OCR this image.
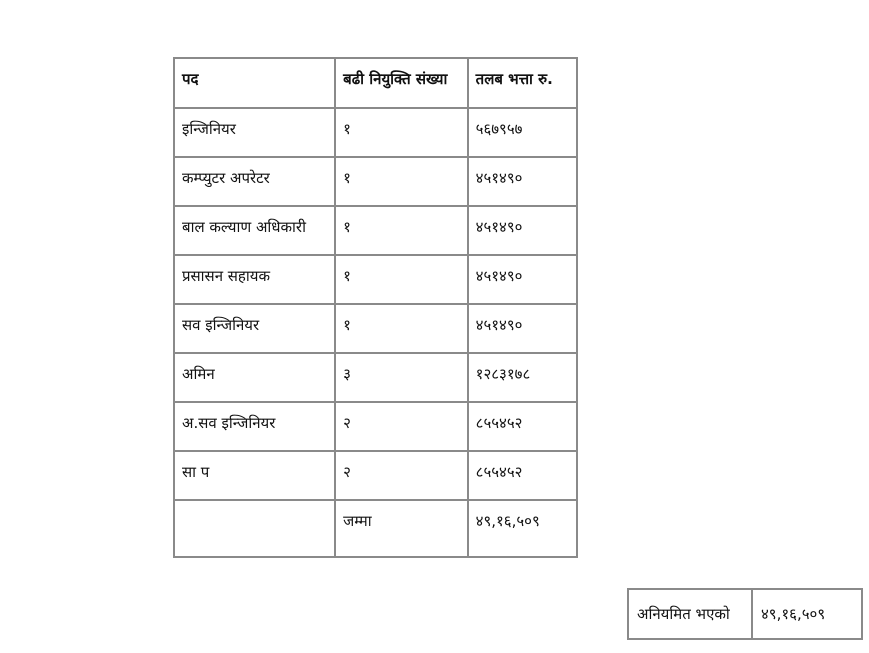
पद	बढी नियुक्ति संख्या	तलब भत्ता रु.
इन्जिनियर	१	५६७९५७
कम्प्युटर अपरेटर	१	४५१४९०
बाल कल्याण अधिकारी	१	४५१४९०
प्रसासन सहायक	१	४५१४९०
सव इन्जिनियर	१	४५१४९०
अमिन	३	१२८३१७८
अ.सव इन्जिनियर	२	८५५४५२
सा प	२	८५५४५२
	जम्मा	४९,१६,५०९
अनियमित भएको	४९,१६,५०९
